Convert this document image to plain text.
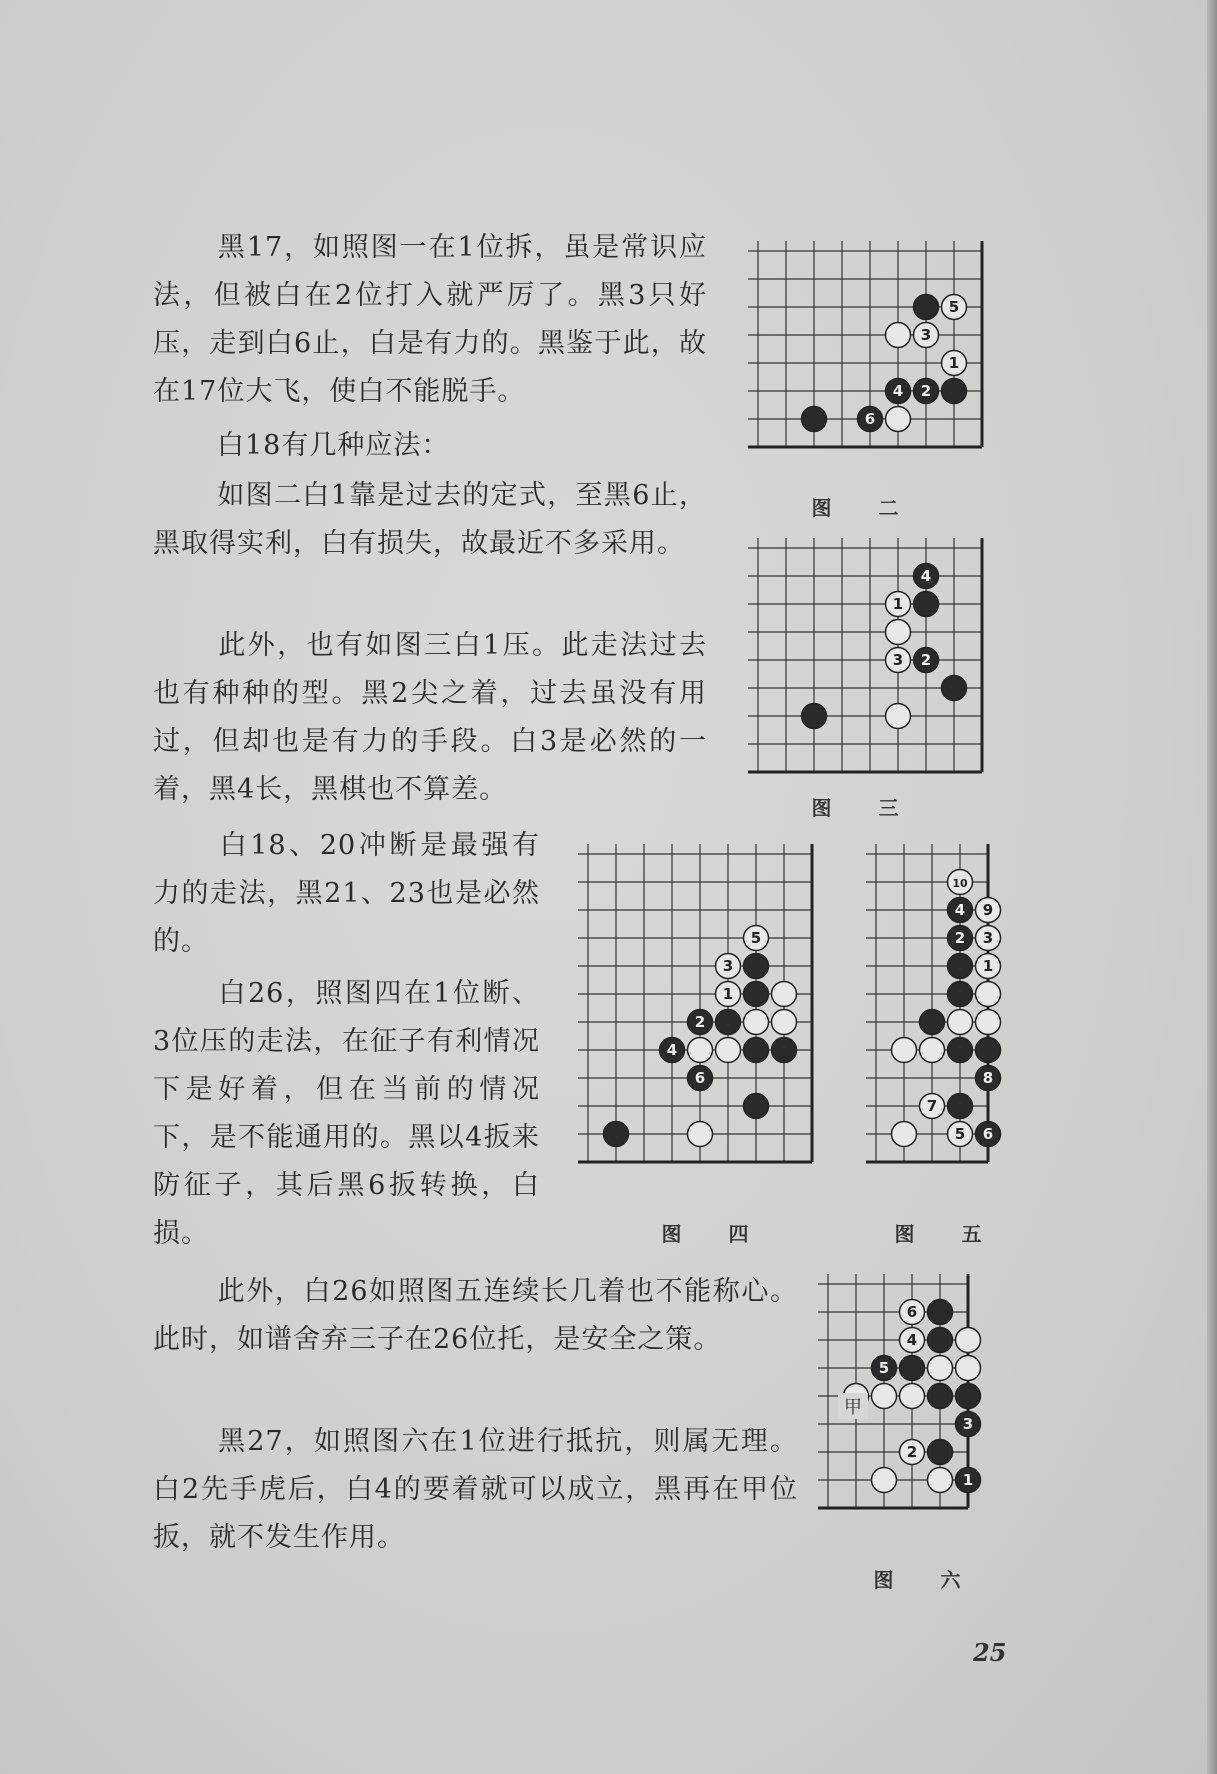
黑17，如照图一在1位拆，虽是常识应法，但被白在2位打入就严厉了。黑3只好压，走到白6止，白是有力的。黑鉴于此，故在17位大飞，使白不能脱手。

白18有几种应法：

如图二白1靠是过去的定式，至黑6止，黑取得实利，白有损失，故最近不多采用。

此外，也有如图三白1压。此走法过去也有种种的型。黑2尖之着，过去虽没有用过，但却也是有力的手段。白3是必然的一着，黑4长，黑棋也不算差。

白18、20冲断是最强有力的走法，黑21、23也是必然的。

白26，照图四在1位断、3位压的走法，在征子有利情况下是好着，但在当前的情况下，是不能通用的。黑以4扳来防征子，其后黑6扳转换，白损。

此外，白26如照图五连续长几着也不能称心。此时，如谱舍弃三子在26位托，是安全之策。

黑27，如照图六在1位进行抵抗，则属无理。白2先手虎后，白4的要着就可以成立，黑再在甲位扳，就不发生作用。

5
3
1
4 2
6
图 二
4
1
3 2
图 三
5
3
1
2
4
6
图 四
10
4 9
2 3
1
8
7
5 6
图 五
6
4
5
3
2
1
图 六
甲
25
